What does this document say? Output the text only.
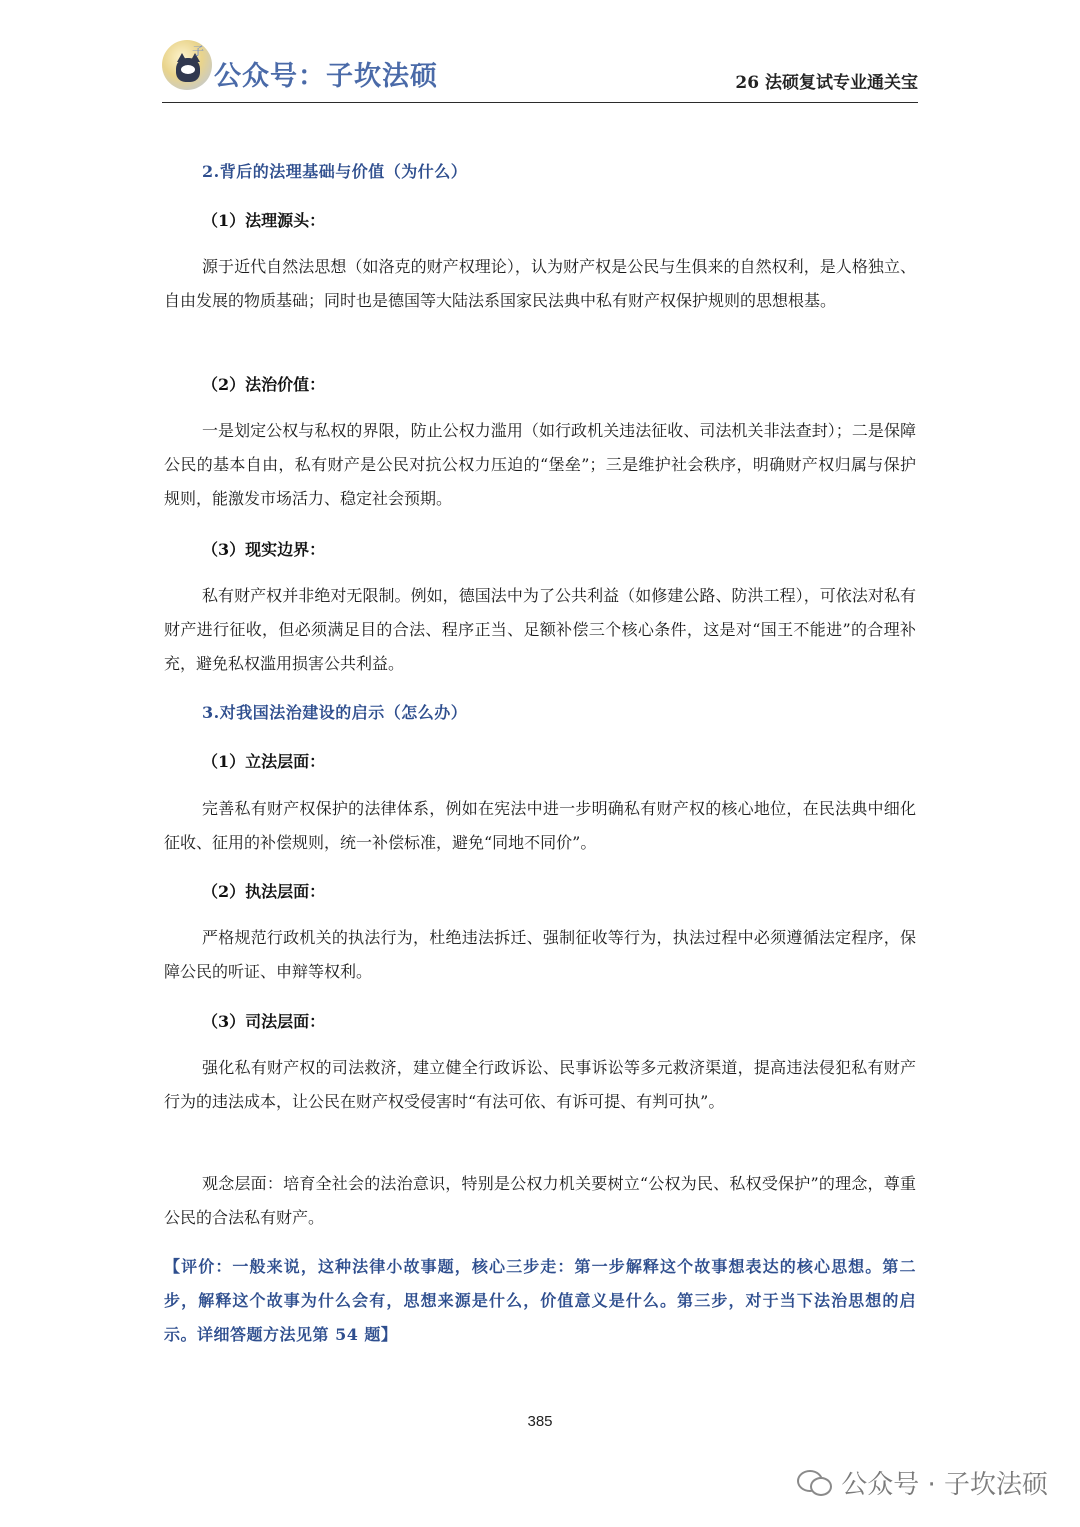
子
公众号：子坎法硕	26 法硕复试专业通关宝
2.背后的法理基础与价值（为什么）
（1）法理源头：
源于近代自然法思想（如洛克的财产权理论），认为财产权是公民与生俱来的自然权利，是人格独立、自由发展的物质基础；同时也是德国等大陆法系国家民法典中私有财产权保护规则的思想根基。
（2）法治价值：
一是划定公权与私权的界限，防止公权力滥用（如行政机关违法征收、司法机关非法查封）；二是保障公民的基本自由，私有财产是公民对抗公权力压迫的“堡垒”；三是维护社会秩序，明确财产权归属与保护规则，能激发市场活力、稳定社会预期。
（3）现实边界：
私有财产权并非绝对无限制。例如，德国法中为了公共利益（如修建公路、防洪工程），可依法对私有财产进行征收，但必须满足目的合法、程序正当、足额补偿三个核心条件，这是对“国王不能进”的合理补充，避免私权滥用损害公共利益。
3.对我国法治建设的启示（怎么办）
（1）立法层面：
完善私有财产权保护的法律体系，例如在宪法中进一步明确私有财产权的核心地位，在民法典中细化征收、征用的补偿规则，统一补偿标准，避免“同地不同价”。
（2）执法层面：
严格规范行政机关的执法行为，杜绝违法拆迁、强制征收等行为，执法过程中必须遵循法定程序，保障公民的听证、申辩等权利。
（3）司法层面：
强化私有财产权的司法救济，建立健全行政诉讼、民事诉讼等多元救济渠道，提高违法侵犯私有财产行为的违法成本，让公民在财产权受侵害时“有法可依、有诉可提、有判可执”。
观念层面：培育全社会的法治意识，特别是公权力机关要树立“公权为民、私权受保护”的理念，尊重公民的合法私有财产。
【评价：一般来说，这种法律小故事题，核心三步走：第一步解释这个故事想表达的核心思想。第二步，解释这个故事为什么会有，思想来源是什么，价值意义是什么。第三步，对于当下法治思想的启示。详细答题方法见第 54 题】
385
公众号 · 子坎法硕
